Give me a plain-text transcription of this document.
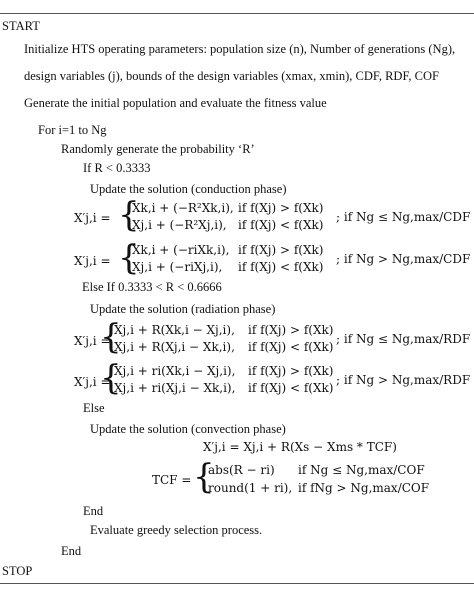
START
Initialize HTS operating parameters: population size (n), Number of generations (Ng),
design variables (j), bounds of the design variables (xmax, xmin), CDF, RDF, COF
Generate the initial population and evaluate the fitness value
For i=1 to Ng
Randomly generate the probability ‘R’
If R < 0.3333
Update the solution (conduction phase)
X′j,i = {
Xk,i + (−R²Xk,i), if f(Xj) > f(Xk)
Xj,i + (−R²Xj,i), if f(Xj) < f(Xk)
; if Ng ≤ Ng,max/CDF
X′j,i = {
Xk,i + (−riXk,i), if f(Xj) > f(Xk)
Xj,i + (−riXj,i), if f(Xj) < f(Xk)
; if Ng > Ng,max/CDF
Else If 0.3333 < R < 0.6666
Update the solution (radiation phase)
X′j,i =
{
Xj,i + R(Xk,i − Xj,i), if f(Xj) > f(Xk)
Xj,i + R(Xj,i − Xk,i), if f(Xj) < f(Xk)
; if Ng ≤ Ng,max/RDF
X′j,i =
{
Xj,i + ri(Xk,i − Xj,i), if f(Xj) > f(Xk)
Xj,i + ri(Xj,i − Xk,i), if f(Xj) < f(Xk)
; if Ng > Ng,max/RDF
Else
Update the solution (convection phase)
X′j,i = Xj,i + R(Xs − Xms * TCF)
TCF = {
abs(R − ri) if Ng ≤ Ng,max/COF
round(1 + ri), if fNg > Ng,max/COF
End
Evaluate greedy selection process.
End
STOP
